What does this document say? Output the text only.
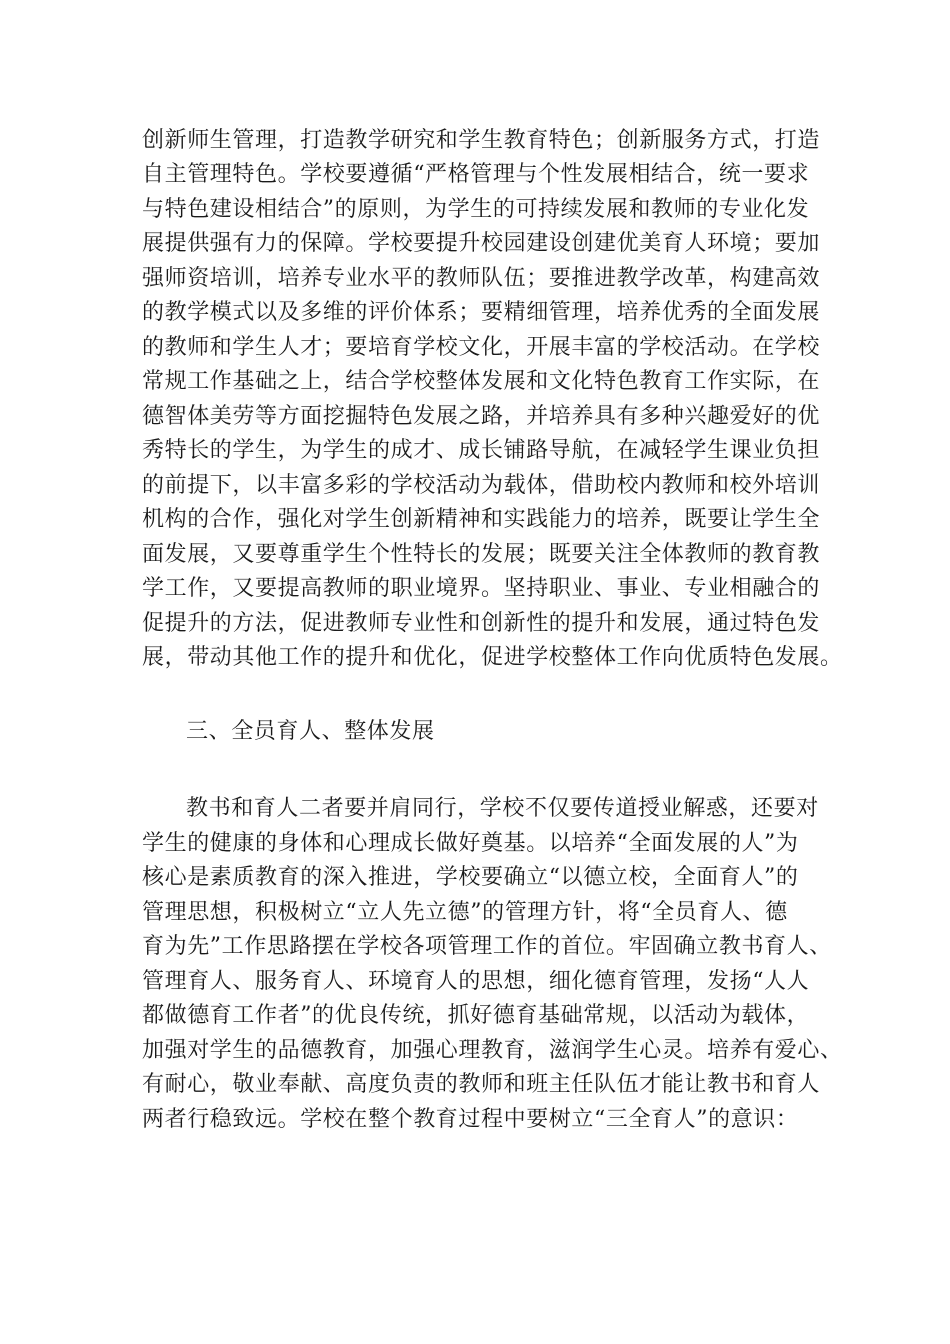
创新师生管理，打造教学研究和学生教育特色；创新服务方式，打造
自主管理特色。学校要遵循“严格管理与个性发展相结合，统一要求
与特色建设相结合”的原则，为学生的可持续发展和教师的专业化发
展提供强有力的保障。学校要提升校园建设创建优美育人环境；要加
强师资培训，培养专业水平的教师队伍；要推进教学改革，构建高效
的教学模式以及多维的评价体系；要精细管理，培养优秀的全面发展
的教师和学生人才；要培育学校文化，开展丰富的学校活动。在学校
常规工作基础之上，结合学校整体发展和文化特色教育工作实际，在
德智体美劳等方面挖掘特色发展之路，并培养具有多种兴趣爱好的优
秀特长的学生，为学生的成才、成长铺路导航，在减轻学生课业负担
的前提下，以丰富多彩的学校活动为载体，借助校内教师和校外培训
机构的合作，强化对学生创新精神和实践能力的培养，既要让学生全
面发展，又要尊重学生个性特长的发展；既要关注全体教师的教育教
学工作，又要提高教师的职业境界。坚持职业、事业、专业相融合的
促提升的方法，促进教师专业性和创新性的提升和发展，通过特色发
展，带动其他工作的提升和优化，促进学校整体工作向优质特色发展。
三、全员育人、整体发展
教书和育人二者要并肩同行，学校不仅要传道授业解惑，还要对
学生的健康的身体和心理成长做好奠基。以培养“全面发展的人”为
核心是素质教育的深入推进，学校要确立“以德立校，全面育人”的
管理思想，积极树立“立人先立德”的管理方针，将“全员育人、德
育为先”工作思路摆在学校各项管理工作的首位。牢固确立教书育人、
管理育人、服务育人、环境育人的思想，细化德育管理，发扬“人人
都做德育工作者”的优良传统，抓好德育基础常规，以活动为载体，
加强对学生的品德教育，加强心理教育，滋润学生心灵。培养有爱心、
有耐心，敬业奉献、高度负责的教师和班主任队伍才能让教书和育人
两者行稳致远。学校在整个教育过程中要树立“三全育人”的意识：
